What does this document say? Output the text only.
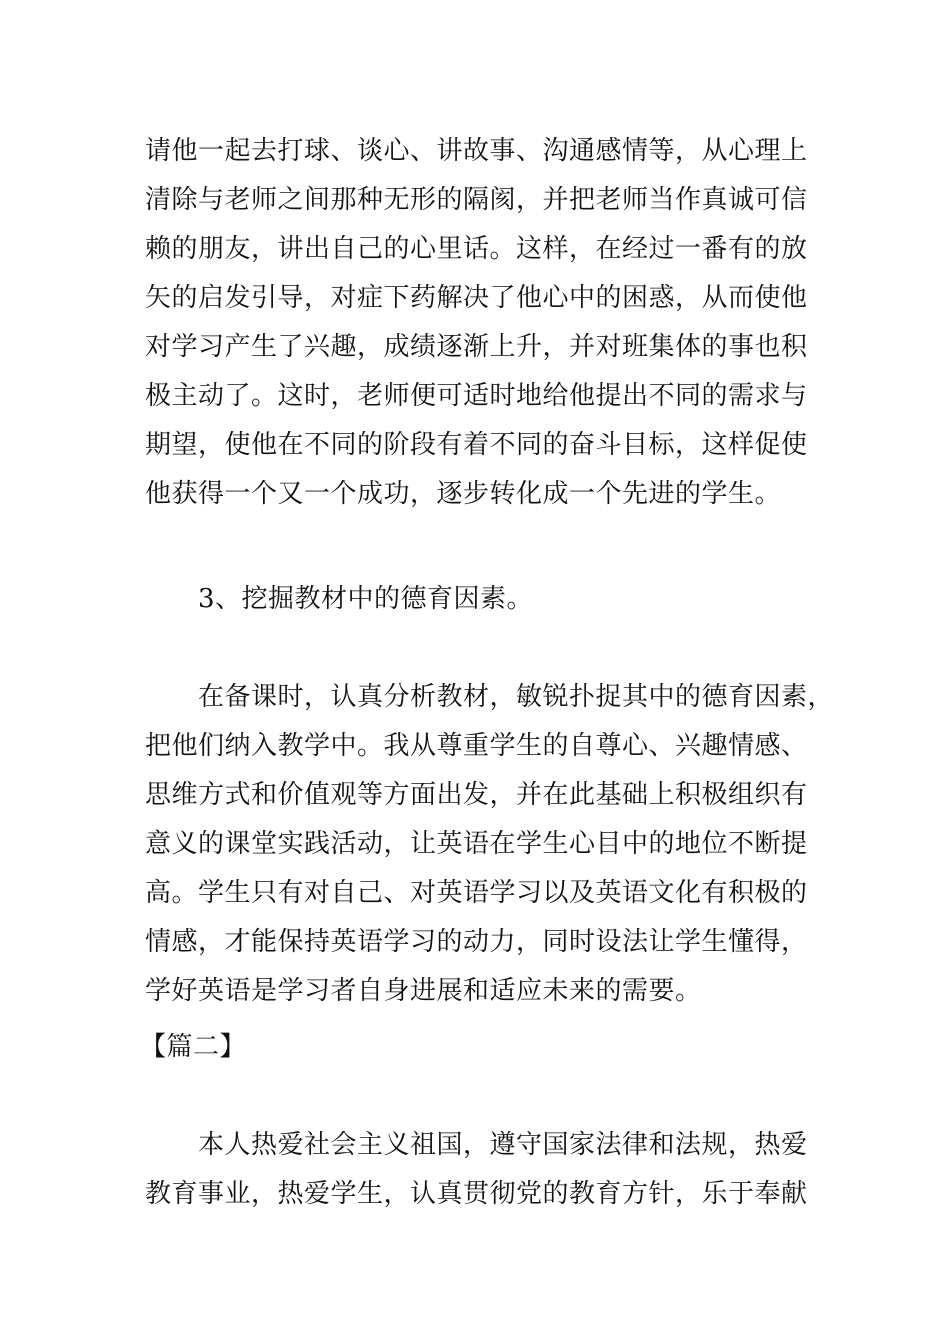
请他一起去打球、谈心、讲故事、沟通感情等，从心理上
清除与老师之间那种无形的隔阂，并把老师当作真诚可信
赖的朋友，讲出自己的心里话。这样，在经过一番有的放
矢的启发引导，对症下药解决了他心中的困惑，从而使他
对学习产生了兴趣，成绩逐渐上升，并对班集体的事也积
极主动了。这时，老师便可适时地给他提出不同的需求与
期望，使他在不同的阶段有着不同的奋斗目标，这样促使
他获得一个又一个成功，逐步转化成一个先进的学生。
　　3、挖掘教材中的德育因素。
　　在备课时，认真分析教材，敏锐扑捉其中的德育因素，
把他们纳入教学中。我从尊重学生的自尊心、兴趣情感、
思维方式和价值观等方面出发，并在此基础上积极组织有
意义的课堂实践活动，让英语在学生心目中的地位不断提
高。学生只有对自己、对英语学习以及英语文化有积极的
情感，才能保持英语学习的动力，同时设法让学生懂得，
学好英语是学习者自身进展和适应未来的需要。
【篇二】
　　本人热爱社会主义祖国，遵守国家法律和法规，热爱
教育事业，热爱学生，认真贯彻党的教育方针，乐于奉献
